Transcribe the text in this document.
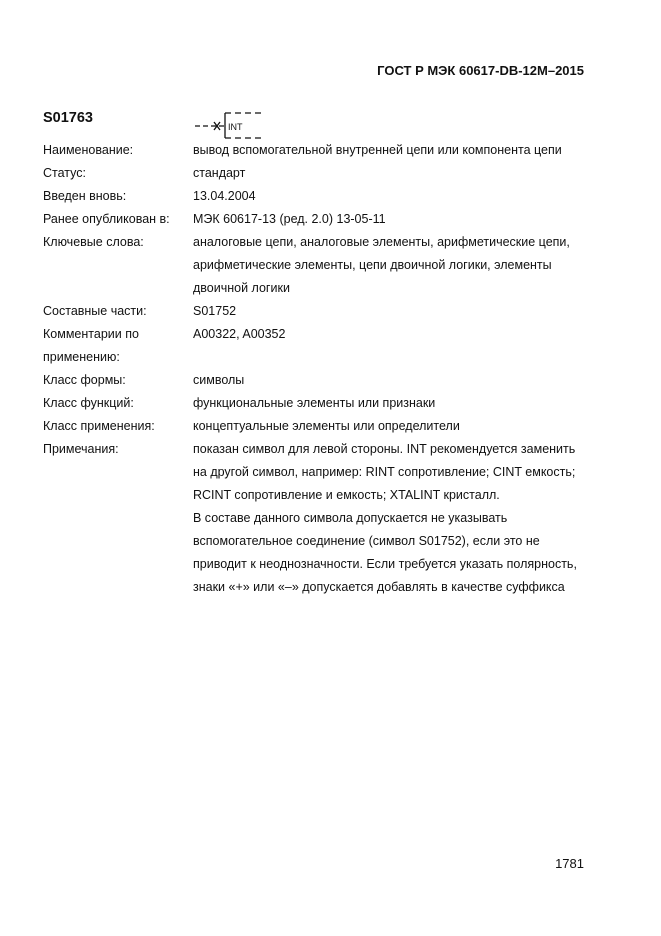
ГОСТ Р МЭК 60617-DB-12M–2015
S01763
INT
Наименование:	вывод вспомогательной внутренней цепи или компонента цепи
Статус:	стандарт
Введен вновь:	13.04.2004
Ранее опубликован в:	МЭК 60617-13 (ред. 2.0) 13-05-11
Ключевые слова:	аналоговые цепи, аналоговые элементы, арифметические цепи, арифметические элементы, цепи двоичной логики, элементы двоичной логики
Составные части:	S01752
Комментарии по применению:
A00322, A00352
Класс формы:	символы
Класс функций:	функциональные элементы или признаки
Класс применения:	концептуальные элементы или определители
Примечания:	показан символ для левой стороны. INT рекомендуется заменить на другой символ, например: RINT сопротивление; CINT емкость; RCINT сопротивление и емкость; XTALINT кристалл.

В составе данного символа допускается не указывать вспомогательное соединение (символ S01752), если это не приводит к неоднозначности. Если требуется указать полярность, знаки «+» или «–» допускается добавлять в качестве суффикса

1781
